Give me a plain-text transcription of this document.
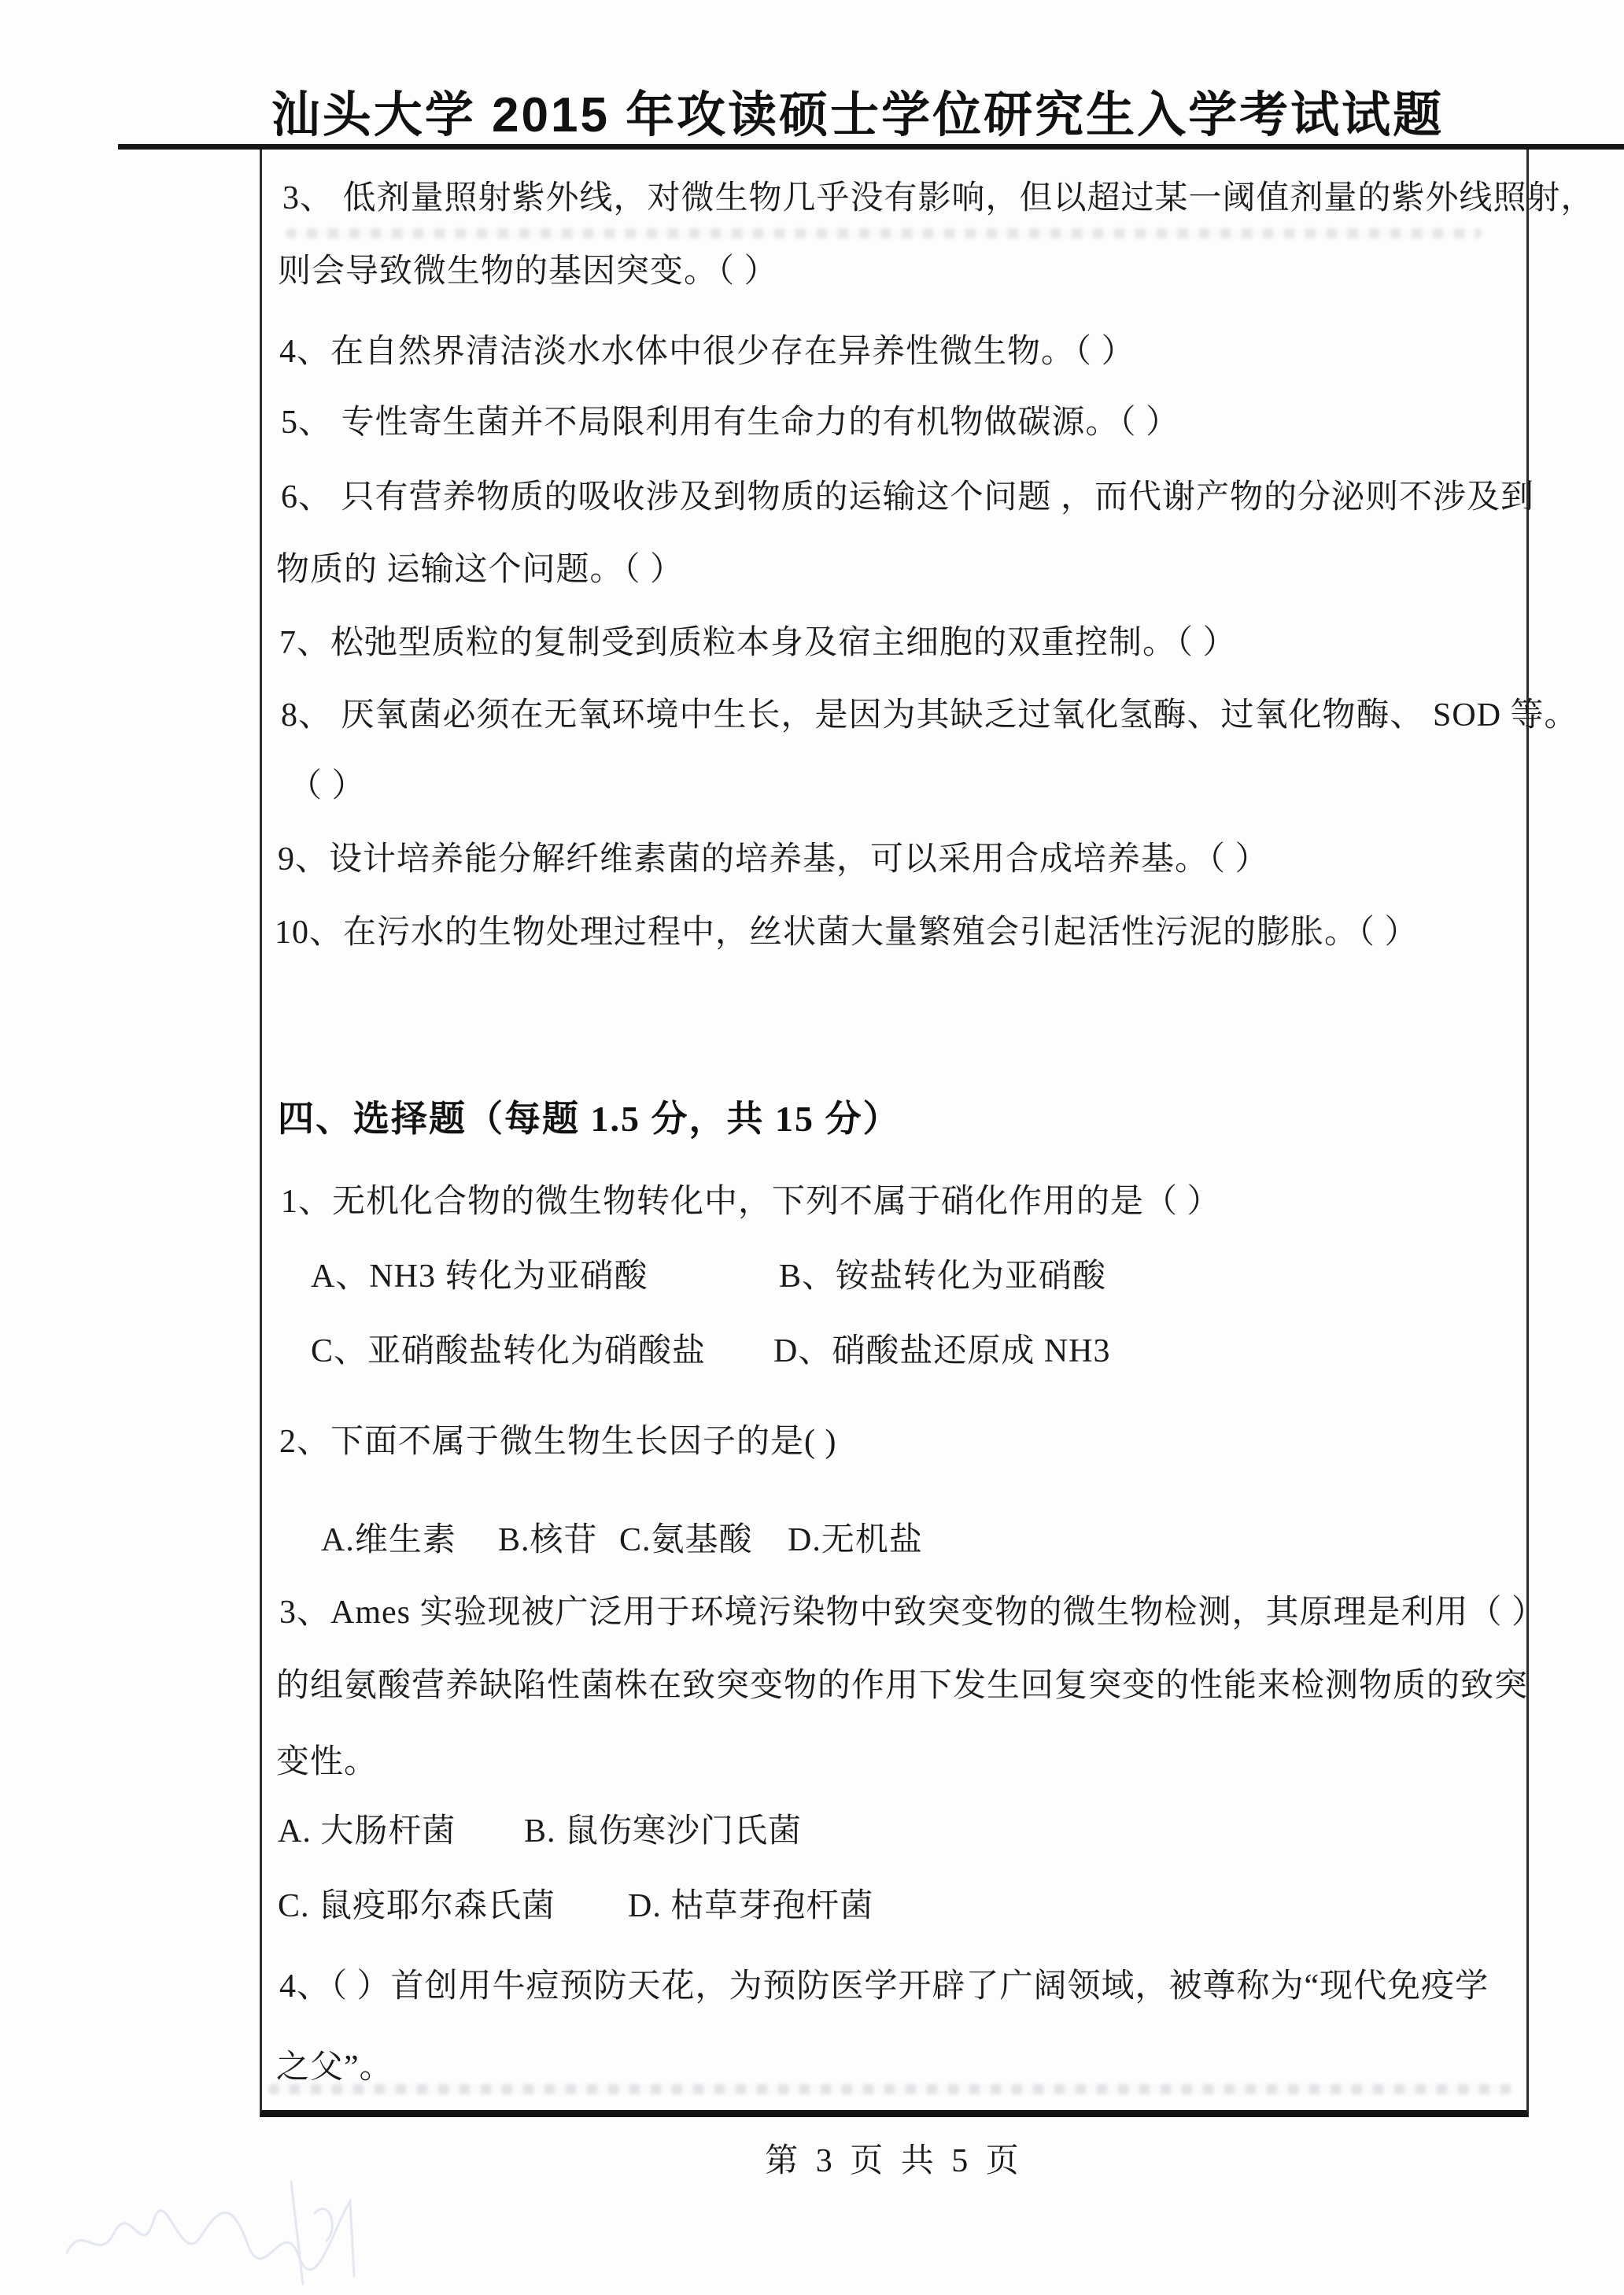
汕头大学 2015 年攻读硕士学位研究生入学考试试题
3、 低剂量照射紫外线，对微生物几乎没有影响，但以超过某一阈值剂量的紫外线照射，
则会导致微生物的基因突变。（ ）
4、在自然界清洁淡水水体中很少存在异养性微生物。（ ）
5、 专性寄生菌并不局限利用有生命力的有机物做碳源。（ ）
6、 只有营养物质的吸收涉及到物质的运输这个问题 ，而代谢产物的分泌则不涉及到
物质的 运输这个问题。（ ）
7、松弛型质粒的复制受到质粒本身及宿主细胞的双重控制。（ ）
8、 厌氧菌必须在无氧环境中生长，是因为其缺乏过氧化氢酶、过氧化物酶、 SOD 等。
（ ）
9、设计培养能分解纤维素菌的培养基，可以采用合成培养基。（ ）
10、在污水的生物处理过程中，丝状菌大量繁殖会引起活性污泥的膨胀。（ ）
四、选择题（每题 1.5 分，共 15 分）
1、无机化合物的微生物转化中，下列不属于硝化作用的是（ ）
A、NH3 转化为亚硝酸	B、铵盐转化为亚硝酸
C、亚硝酸盐转化为硝酸盐 D、硝酸盐还原成 NH3
2、下面不属于微生物生长因子的是( )
A.维生素 B.核苷 C.氨基酸 D.无机盐
3、Ames 实验现被广泛用于环境污染物中致突变物的微生物检测，其原理是利用（ ）
的组氨酸营养缺陷性菌株在致突变物的作用下发生回复突变的性能来检测物质的致突
变性。
A. 大肠杆菌 B. 鼠伤寒沙门氏菌
C. 鼠疫耶尔森氏菌 D. 枯草芽孢杆菌
4、（ ）首创用牛痘预防天花，为预防医学开辟了广阔领域，被尊称为“现代免疫学
之父”。
第 3 页 共 5 页
